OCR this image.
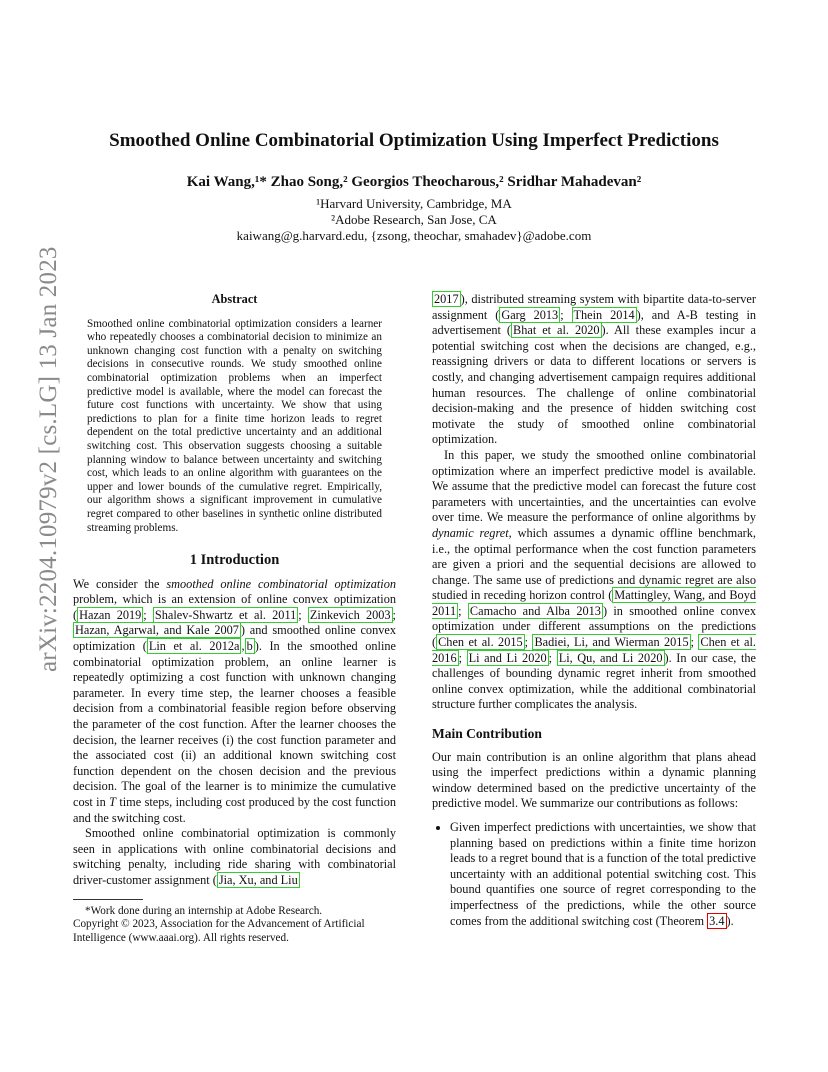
arXiv:2204.10979v2 [cs.LG] 13 Jan 2023
Smoothed Online Combinatorial Optimization Using Imperfect Predictions
Kai Wang,¹* Zhao Song,² Georgios Theocharous,² Sridhar Mahadevan²
¹Harvard University, Cambridge, MA
²Adobe Research, San Jose, CA
kaiwang@g.harvard.edu, {zsong, theochar, smahadev}@adobe.com
Abstract
Smoothed online combinatorial optimization considers a learner who repeatedly chooses a combinatorial decision to minimize an unknown changing cost function with a penalty on switching decisions in consecutive rounds. We study smoothed online combinatorial optimization problems when an imperfect predictive model is available, where the model can forecast the future cost functions with uncertainty. We show that using predictions to plan for a finite time horizon leads to regret dependent on the total predictive uncertainty and an additional switching cost. This observation suggests choosing a suitable planning window to balance between uncertainty and switching cost, which leads to an online algorithm with guarantees on the upper and lower bounds of the cumulative regret. Empirically, our algorithm shows a significant improvement in cumulative regret compared to other baselines in synthetic online distributed streaming problems.
1 Introduction

We consider the smoothed online combinatorial optimization problem, which is an extension of online convex optimization ( Hazan 2019 ; Shalev-Shwartz et al. 2011 ; Zinkevich 2003 ; Hazan, Agarwal, and Kale 2007 ) and smoothed online convex optimization ( Lin et al. 2012a , b ). In the smoothed online combinatorial optimization problem, an online learner is repeatedly optimizing a cost function with unknown changing parameter. In every time step, the learner chooses a feasible decision from a combinatorial feasible region before observing the parameter of the cost function. After the learner chooses the decision, the learner receives (i) the cost function parameter and the associated cost (ii) an additional known switching cost function dependent on the chosen decision and the previous decision. The goal of the learner is to minimize the cumulative cost in T time steps, including cost produced by the cost function and the switching cost.

Smoothed online combinatorial optimization is commonly seen in applications with online combinatorial decisions and switching penalty, including ride sharing with combinatorial driver-customer assignment ( Jia, Xu, and Liu

*Work done during an internship at Adobe Research.
Copyright © 2023, Association for the Advancement of Artificial
Intelligence (www.aaai.org). All rights reserved.

2017 ), distributed streaming system with bipartite data-to-server assignment ( Garg 2013 ; Thein 2014 ), and A-B testing in advertisement ( Bhat et al. 2020 ). All these examples incur a potential switching cost when the decisions are changed, e.g., reassigning drivers or data to different locations or servers is costly, and changing advertisement campaign requires additional human resources. The challenge of online combinatorial decision-making and the presence of hidden switching cost motivate the study of smoothed online combinatorial optimization.

In this paper, we study the smoothed online combinatorial optimization where an imperfect predictive model is available. We assume that the predictive model can forecast the future cost parameters with uncertainties, and the uncertainties can evolve over time. We measure the performance of online algorithms by dynamic regret, which assumes a dynamic offline benchmark, i.e., the optimal performance when the cost function parameters are given a priori and the sequential decisions are allowed to change. The same use of predictions and dynamic regret are also studied in receding horizon control ( Mattingley, Wang, and Boyd 2011 ; Camacho and Alba 2013 ) in smoothed online convex optimization under different assumptions on the predictions ( Chen et al. 2015 ; Badiei, Li, and Wierman 2015 ; Chen et al. 2016 ; Li and Li 2020 ; Li, Qu, and Li 2020 ). In our case, the challenges of bounding dynamic regret inherit from smoothed online convex optimization, while the additional combinatorial structure further complicates the analysis.

Main Contribution

Our main contribution is an online algorithm that plans ahead using the imperfect predictions within a dynamic planning window determined based on the predictive uncertainty of the predictive model. We summarize our contributions as follows:

• Given imperfect predictions with uncertainties, we show that planning based on predictions within a finite time horizon leads to a regret bound that is a function of the total predictive uncertainty with an additional potential switching cost. This bound quantifies one source of regret corresponding to the imperfectness of the predictions, while the other source comes from the additional switching cost (Theorem 3.4 ).
